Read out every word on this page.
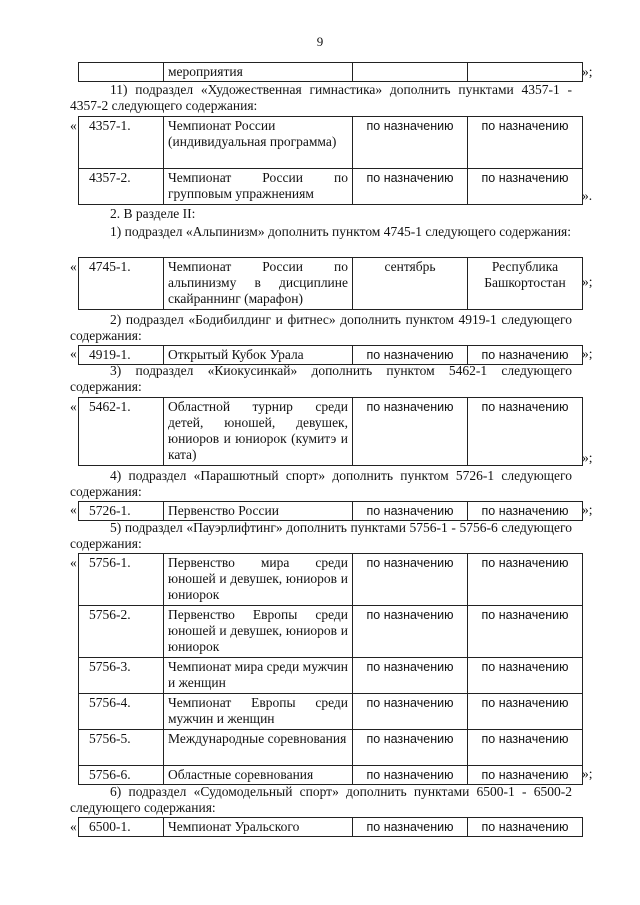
9
	мероприятия			»;
11) подраздел «Художественная гимнастика» дополнить пунктами 4357-1 - 4357-2 следующего содержания:
« 4357-1.	Чемпионат России (индивидуальная программа)	по назначению	по назначению
4357-2.	Чемпионат России по групповым упражнениям	по назначению	по назначению
».
2. В разделе II:
1) подраздел «Альпинизм» дополнить пунктом 4745-1 следующего содержания:
« 4745-1.	Чемпионат России по альпинизму в дисциплине скайраннинг (марафон)	сентябрь	Республика Башкортостан »;
2) подраздел «Бодибилдинг и фитнес» дополнить пунктом 4919-1 следующего содержания:
« 4919-1.	Открытый Кубок Урала	по назначению	по назначению »;
3) подраздел «Киокусинкай» дополнить пунктом 5462-1 следующего содержания:
« 5462-1.	Областной турнир среди детей, юношей, девушек, юниоров и юниорок (кумитэ и ката)	по назначению	по назначению
»;
4) подраздел «Парашютный спорт» дополнить пунктом 5726-1 следующего содержания:
« 5726-1.	Первенство России	по назначению	по назначению »;
5) подраздел «Пауэрлифтинг» дополнить пунктами 5756-1 - 5756-6 следующего содержания:
« 5756-1.	Первенство мира среди юношей и девушек, юниоров и юниорок	по назначению	по назначению
5756-2.	Первенство Европы среди юношей и девушек, юниоров и юниорок	по назначению	по назначению
5756-3.	Чемпионат мира среди мужчин и женщин	по назначению	по назначению
5756-4.	Чемпионат Европы среди мужчин и женщин	по назначению	по назначению
5756-5.	Международные соревнования	по назначению	по назначению
5756-6.	Областные соревнования	по назначению	по назначению »;
6) подраздел «Судомодельный спорт» дополнить пунктами 6500-1 - 6500-2 следующего содержания:
« 6500-1.	Чемпионат Уральского	по назначению	по назначению
